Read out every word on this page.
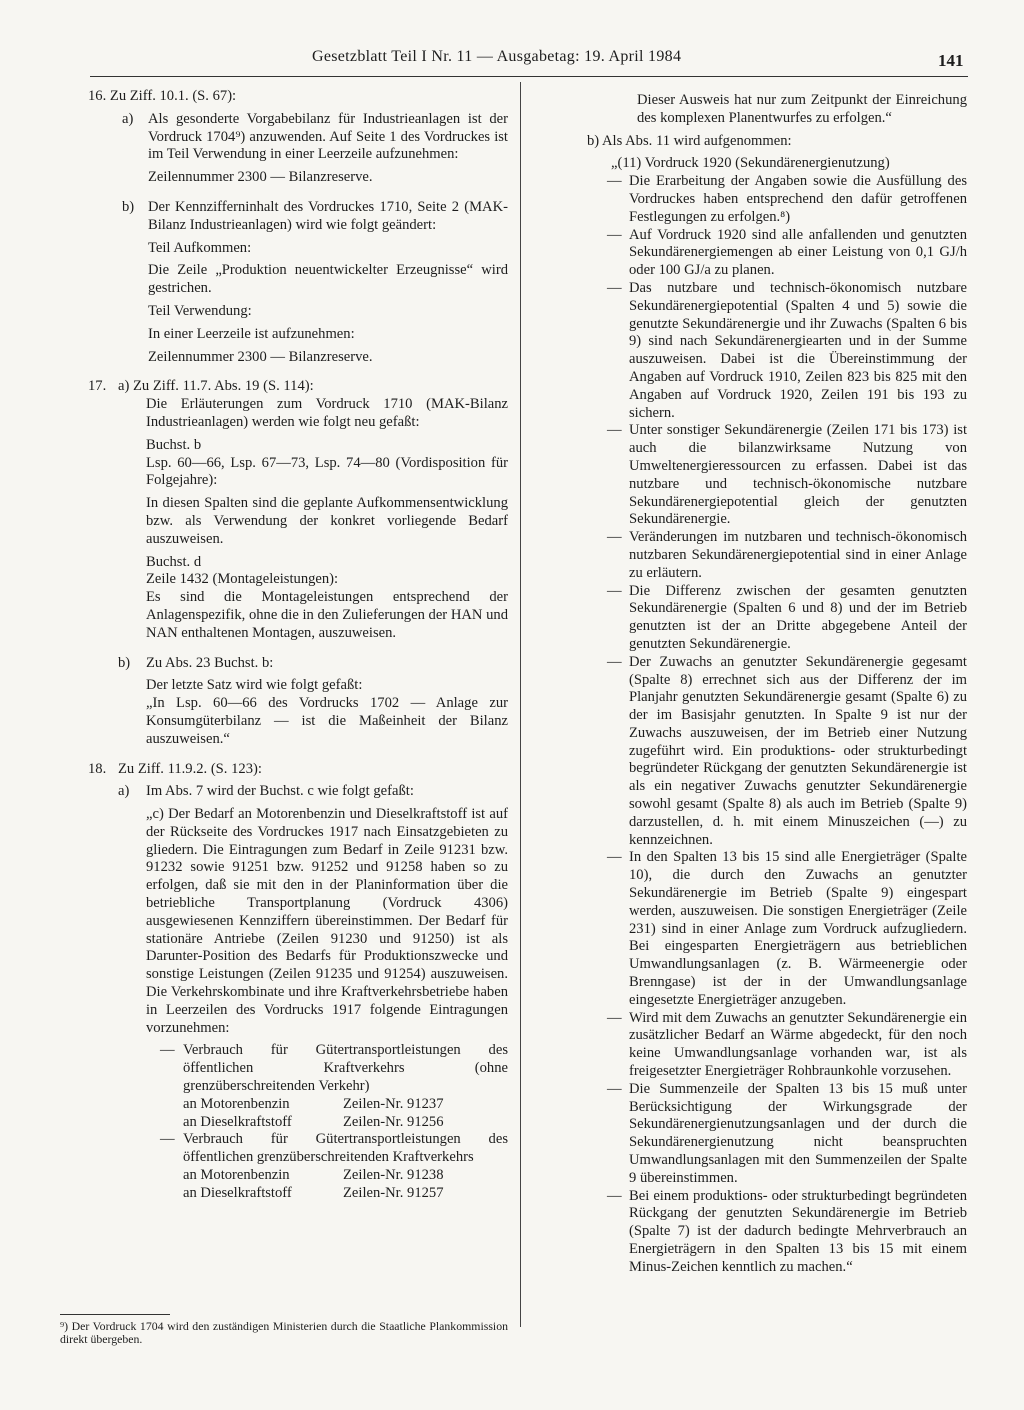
Gesetzblatt Teil I Nr. 11 — Ausgabetag: 19. April 1984	141
16. Zu Ziff. 10.1. (S. 67):
a) Als gesonderte Vorgabebilanz für Industrieanlagen ist der Vordruck 1704⁹) anzuwenden. Auf Seite 1 des Vordruckes ist im Teil Verwendung in einer Leerzeile aufzunehmen:
Zeilennummer 2300 — Bilanzreserve.
b) Der Kennzifferninhalt des Vordruckes 1710, Seite 2 (MAK-Bilanz Industrieanlagen) wird wie folgt geändert:
Teil Aufkommen:
Die Zeile „Produktion neuentwickelter Erzeugnisse“ wird gestrichen.
Teil Verwendung:
In einer Leerzeile ist aufzunehmen:
Zeilennummer 2300 — Bilanzreserve.
17. a) Zu Ziff. 11.7. Abs. 19 (S. 114):
Die Erläuterungen zum Vordruck 1710 (MAK-Bilanz Industrieanlagen) werden wie folgt neu gefaßt:
Buchst. b
Lsp. 60—66, Lsp. 67—73, Lsp. 74—80 (Vordisposition für Folgejahre):
In diesen Spalten sind die geplante Aufkommensentwicklung bzw. als Verwendung der konkret vorliegende Bedarf auszuweisen.
Buchst. d
Zeile 1432 (Montageleistungen):
Es sind die Montageleistungen entsprechend der Anlagenspezifik, ohne die in den Zulieferungen der HAN und NAN enthaltenen Montagen, auszuweisen.
b) Zu Abs. 23 Buchst. b:
Der letzte Satz wird wie folgt gefaßt:
„In Lsp. 60—66 des Vordrucks 1702 — Anlage zur Konsumgüterbilanz — ist die Maßeinheit der Bilanz auszuweisen.“
18. Zu Ziff. 11.9.2. (S. 123):
a) Im Abs. 7 wird der Buchst. c wie folgt gefaßt:
„c) Der Bedarf an Motorenbenzin und Dieselkraftstoff ist auf der Rückseite des Vordruckes 1917 nach Einsatzgebieten zu gliedern. Die Eintragungen zum Bedarf in Zeile 91231 bzw. 91232 sowie 91251 bzw. 91252 und 91258 haben so zu erfolgen, daß sie mit den in der Planinformation über die betriebliche Transportplanung (Vordruck 4306) ausgewiesenen Kennziffern übereinstimmen. Der Bedarf für stationäre Antriebe (Zeilen 91230 und 91250) ist als Darunter-Position des Bedarfs für Produktionszwecke und sonstige Leistungen (Zeilen 91235 und 91254) auszuweisen. Die Verkehrskombinate und ihre Kraftverkehrsbetriebe haben in Leerzeilen des Vordrucks 1917 folgende Eintragungen vorzunehmen:
— Verbrauch für Gütertransportleistungen des öffentlichen Kraftverkehrs (ohne grenzüberschreitenden Verkehr)
an Motorenbenzin	Zeilen-Nr. 91237
an Dieselkraftstoff	Zeilen-Nr. 91256
— Verbrauch für Gütertransportleistungen des öffentlichen grenzüberschreitenden Kraftverkehrs
an Motorenbenzin	Zeilen-Nr. 91238
an Dieselkraftstoff	Zeilen-Nr. 91257
⁹) Der Vordruck 1704 wird den zuständigen Ministerien durch die Staatliche Plankommission direkt übergeben.
Dieser Ausweis hat nur zum Zeitpunkt der Einreichung des komplexen Planentwurfes zu erfolgen.“
b) Als Abs. 11 wird aufgenommen:
„(11) Vordruck 1920 (Sekundärenergienutzung)
— Die Erarbeitung der Angaben sowie die Ausfüllung des Vordruckes haben entsprechend den dafür getroffenen Festlegungen zu erfolgen.⁸)
— Auf Vordruck 1920 sind alle anfallenden und genutzten Sekundärenergiemengen ab einer Leistung von 0,1 GJ/h oder 100 GJ/a zu planen.
— Das nutzbare und technisch-ökonomisch nutzbare Sekundärenergiepotential (Spalten 4 und 5) sowie die genutzte Sekundärenergie und ihr Zuwachs (Spalten 6 bis 9) sind nach Sekundärenergiearten und in der Summe auszuweisen. Dabei ist die Übereinstimmung der Angaben auf Vordruck 1910, Zeilen 823 bis 825 mit den Angaben auf Vordruck 1920, Zeilen 191 bis 193 zu sichern.
— Unter sonstiger Sekundärenergie (Zeilen 171 bis 173) ist auch die bilanzwirksame Nutzung von Umweltenergieressourcen zu erfassen. Dabei ist das nutzbare und technisch-ökonomische nutzbare Sekundärenergiepotential gleich der genutzten Sekundärenergie.
— Veränderungen im nutzbaren und technisch-ökonomisch nutzbaren Sekundärenergiepotential sind in einer Anlage zu erläutern.
— Die Differenz zwischen der gesamten genutzten Sekundärenergie (Spalten 6 und 8) und der im Betrieb genutzten ist der an Dritte abgegebene Anteil der genutzten Sekundärenergie.
— Der Zuwachs an genutzter Sekundärenergie gegesamt (Spalte 8) errechnet sich aus der Differenz der im Planjahr genutzten Sekundärenergie gesamt (Spalte 6) zu der im Basisjahr genutzten. In Spalte 9 ist nur der Zuwachs auszuweisen, der im Betrieb einer Nutzung zugeführt wird. Ein produktions- oder strukturbedingt begründeter Rückgang der genutzten Sekundärenergie ist als ein negativer Zuwachs genutzter Sekundärenergie sowohl gesamt (Spalte 8) als auch im Betrieb (Spalte 9) darzustellen, d. h. mit einem Minuszeichen (—) zu kennzeichnen.
— In den Spalten 13 bis 15 sind alle Energieträger (Spalte 10), die durch den Zuwachs an genutzter Sekundärenergie im Betrieb (Spalte 9) eingespart werden, auszuweisen. Die sonstigen Energieträger (Zeile 231) sind in einer Anlage zum Vordruck aufzugliedern. Bei eingesparten Energieträgern aus betrieblichen Umwandlungsanlagen (z. B. Wärmeenergie oder Brenngase) ist der in der Umwandlungsanlage eingesetzte Energieträger anzugeben.
— Wird mit dem Zuwachs an genutzter Sekundärenergie ein zusätzlicher Bedarf an Wärme abgedeckt, für den noch keine Umwandlungsanlage vorhanden war, ist als freigesetzter Energieträger Rohbraunkohle vorzusehen.
— Die Summenzeile der Spalten 13 bis 15 muß unter Berücksichtigung der Wirkungsgrade der Sekundärenergienutzungsanlagen und der durch die Sekundärenergienutzung nicht beanspruchten Umwandlungsanlagen mit den Summenzeilen der Spalte 9 übereinstimmen.
— Bei einem produktions- oder strukturbedingt begründeten Rückgang der genutzten Sekundärenergie im Betrieb (Spalte 7) ist der dadurch bedingte Mehrverbrauch an Energieträgern in den Spalten 13 bis 15 mit einem Minus-Zeichen kenntlich zu machen.“
